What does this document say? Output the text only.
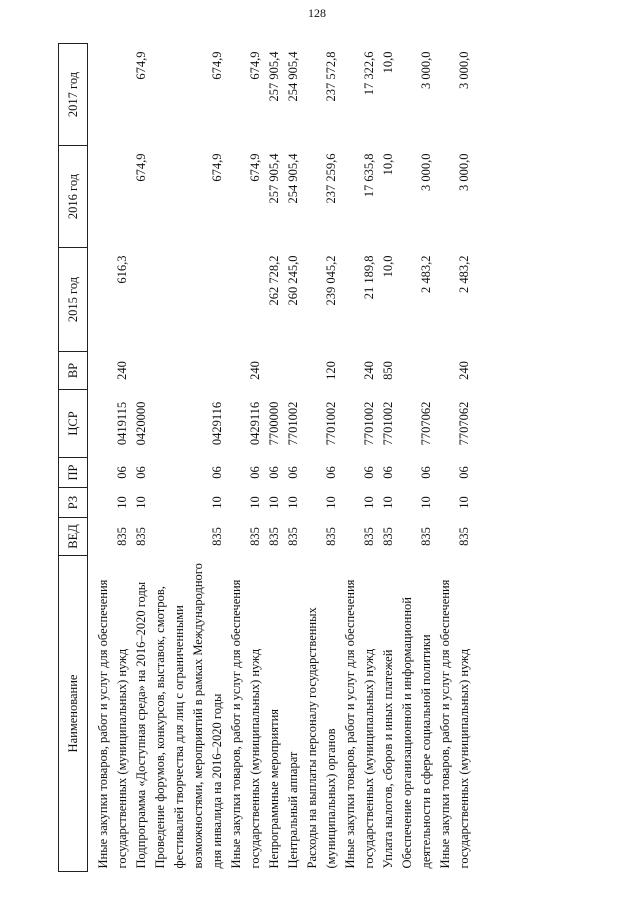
128
Наименование	ВЕД	РЗ	ПР	ЦСР	ВР	2015 год	2016 год	2017 год

Иные закупки товаров, работ и услуг для обеспечения государственных (муниципальных) нужд	835	10	06	0419115	240	616,3		
Подпрограмма «Доступная среда» на 2016–2020 годы	835	10	06	0420000			674,9	674,9
Проведение форумов, конкурсов, выставок, смотров, фестивалей творчества для лиц с ограниченными возможностями, мероприятий в рамках Международного дня инвалида на 2016–2020 годы	835	10	06	0429116			674,9	674,9
Иные закупки товаров, работ и услуг для обеспечения государственных (муниципальных) нужд	835	10	06	0429116	240		674,9	674,9
Непрограммные мероприятия	835	10	06	7700000		262 728,2	257 905,4	257 905,4
Центральный аппарат	835	10	06	7701002		260 245,0	254 905,4	254 905,4
Расходы на выплаты персоналу государственных (муниципальных) органов	835	10	06	7701002	120	239 045,2	237 259,6	237 572,8
Иные закупки товаров, работ и услуг для обеспечения государственных (муниципальных) нужд	835	10	06	7701002	240	21 189,8	17 635,8	17 322,6
Уплата налогов, сборов и иных платежей	835	10	06	7701002	850	10,0	10,0	10,0
Обеспечение организационной и информационной деятельности в сфере социальной политики	835	10	06	7707062		2 483,2	3 000,0	3 000,0
Иные закупки товаров, работ и услуг для обеспечения государственных (муниципальных) нужд	835	10	06	7707062	240	2 483,2	3 000,0	3 000,0
